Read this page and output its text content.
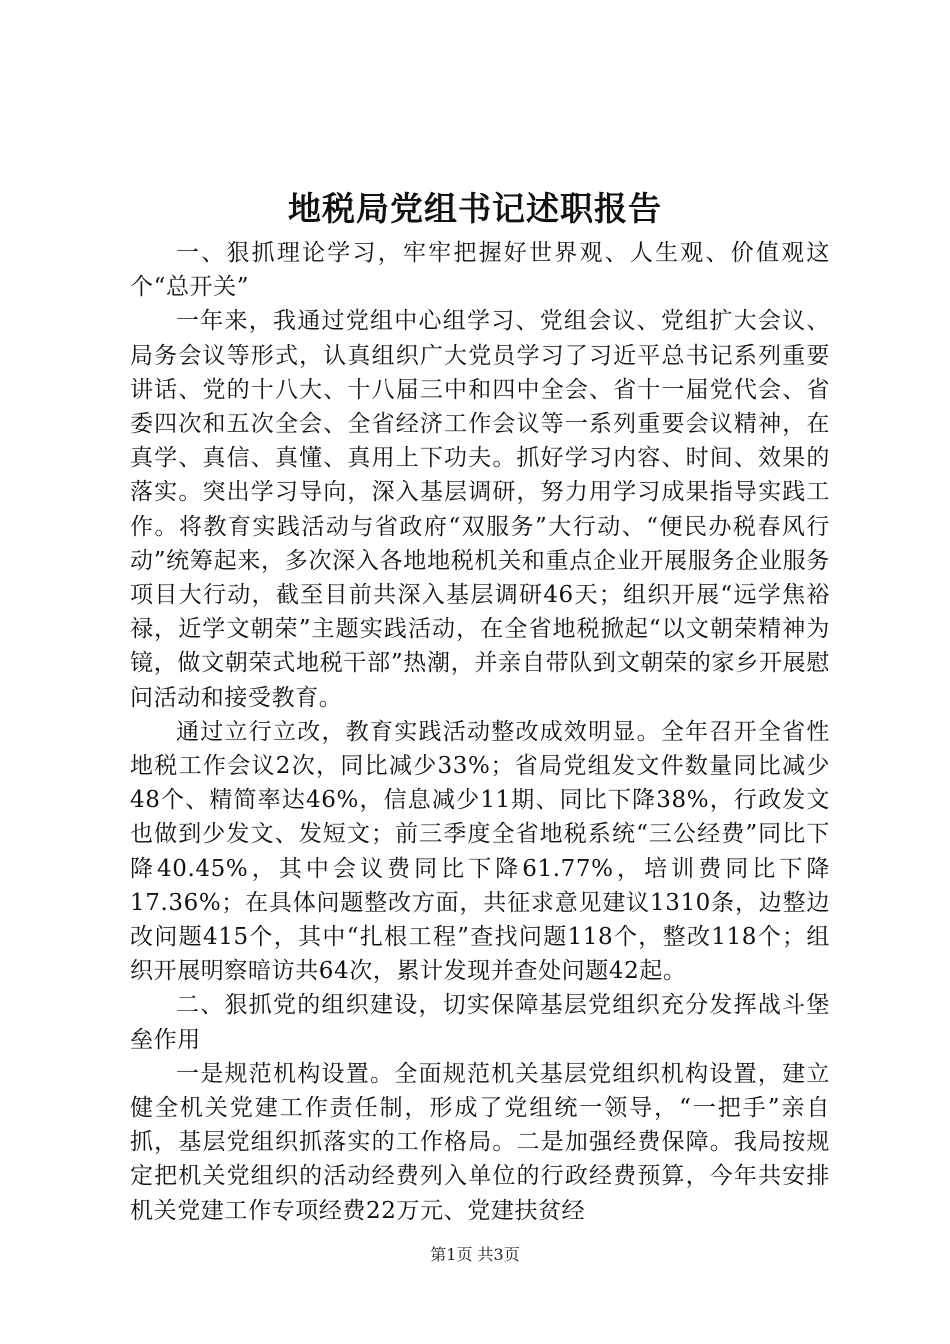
地税局党组书记述职报告

一、狠抓理论学习，牢牢把握好世界观、人生观、价值观这个“总开关”

一年来，我通过党组中心组学习、党组会议、党组扩大会议、局务会议等形式，认真组织广大党员学习了习近平总书记系列重要讲话、党的十八大、十八届三中和四中全会、省十一届党代会、省委四次和五次全会、全省经济工作会议等一系列重要会议精神，在真学、真信、真懂、真用上下功夫。抓好学习内容、时间、效果的落实。突出学习导向，深入基层调研，努力用学习成果指导实践工作。将教育实践活动与省政府“双服务”大行动、“便民办税春风行动”统筹起来，多次深入各地地税机关和重点企业开展服务企业服务项目大行动，截至目前共深入基层调研46天；组织开展“远学焦裕禄，近学文朝荣”主题实践活动，在全省地税掀起“以文朝荣精神为镜，做文朝荣式地税干部”热潮，并亲自带队到文朝荣的家乡开展慰问活动和接受教育。

通过立行立改，教育实践活动整改成效明显。全年召开全省性地税工作会议2次，同比减少33%；省局党组发文件数量同比减少48个、精简率达46%，信息减少11期、同比下降38%，行政发文也做到少发文、发短文；前三季度全省地税系统“三公经费”同比下降40.45%，其中会议费同比下降61.77%，培训费同比下降17.36%；在具体问题整改方面，共征求意见建议1310条，边整边改问题415个，其中“扎根工程”查找问题118个，整改118个；组织开展明察暗访共64次，累计发现并查处问题42起。

二、狠抓党的组织建设，切实保障基层党组织充分发挥战斗堡垒作用

一是规范机构设置。全面规范机关基层党组织机构设置，建立健全机关党建工作责任制，形成了党组统一领导，“一把手”亲自抓，基层党组织抓落实的工作格局。二是加强经费保障。我局按规定把机关党组织的活动经费列入单位的行政经费预算，今年共安排机关党建工作专项经费22万元、党建扶贫经

第1页 共3页
